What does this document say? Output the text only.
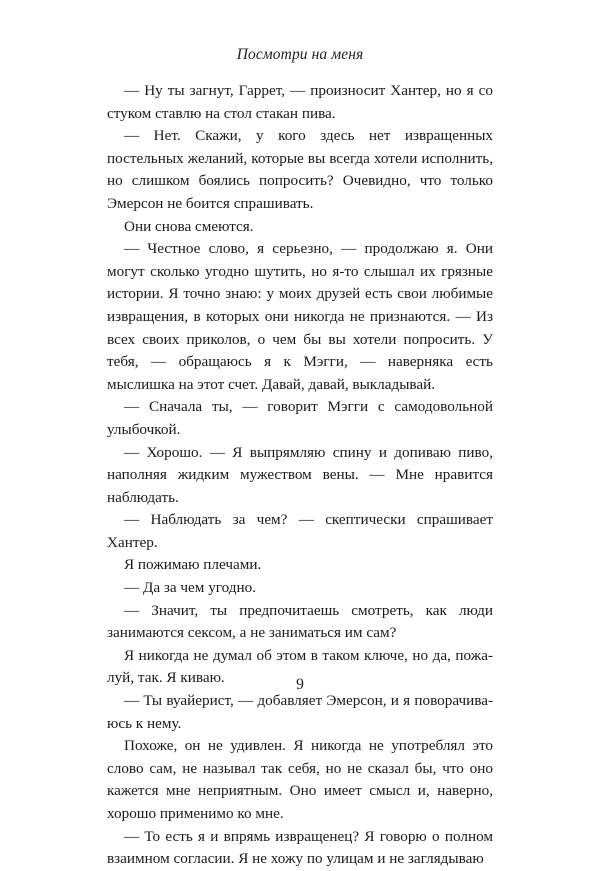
Посмотри на меня

— Ну ты загнут, Гаррет, — произносит Хантер, но я со стуком ставлю на стол стакан пива.

— Нет. Скажи, у кого здесь нет извращенных постельных желаний, которые вы всегда хотели исполнить, но слишком боялись попросить? Очевидно, что только Эмерсон не боится спрашивать.

Они снова смеются.

— Честное слово, я серьезно, — продолжаю я. Они могут сколько угодно шутить, но я-то слышал их грязные истории. Я точно знаю: у моих друзей есть свои любимые извращения, в которых они никогда не признаются. — Из всех своих приколов, о чем бы вы хотели попросить. У тебя, — обращаюсь я к Мэгги, — наверняка есть мыслишка на этот счет. Давай, давай, выкладывай.

— Сначала ты, — говорит Мэгги с самодовольной улыбочкой.

— Хорошо. — Я выпрямляю спину и допиваю пиво, наполняя жидким мужеством вены. — Мне нравится наблюдать.

— Наблюдать за чем? — скептически спрашивает Хантер.

Я пожимаю плечами.

— Да за чем угодно.

— Значит, ты предпочитаешь смотреть, как люди занимаются сексом, а не заниматься им сам?

Я никогда не думал об этом в таком ключе, но да, пожалуй, так. Я киваю.

— Ты вуайерист, — добавляет Эмерсон, и я поворачиваюсь к нему.

Похоже, он не удивлен. Я никогда не употреблял это слово сам, не называл так себя, но не сказал бы, что оно кажется мне неприятным. Оно имеет смысл и, наверно, хорошо применимо ко мне.

— То есть я и впрямь извращенец? Я говорю о полном взаимном согласии. Я не хожу по улицам и не заглядываю

9
